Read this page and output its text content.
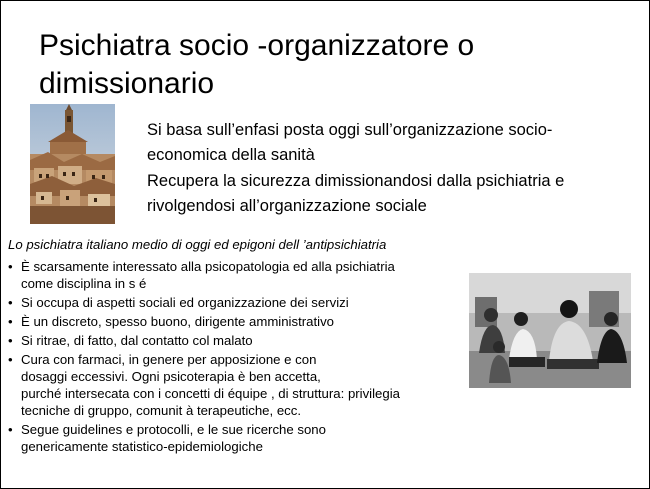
Psichiatra socio -organizzatore o
dimissionario

Si basa sull’enfasi posta oggi sull’organizzazione socio-
economica della sanità

Recupera la sicurezza dimissionandosi dalla psichiatria e
rivolgendosi all’organizzazione sociale

Lo psichiatra italiano medio di oggi ed epigoni dell ’antipsichiatria
• È scarsamente interessato alla psicopatologia ed alla psichiatria
come disciplina in s é
• Si occupa di aspetti sociali ed organizzazione dei servizi
• È un discreto, spesso buono, dirigente amministrativo
• Si ritrae, di fatto, dal contatto col malato
• Cura con farmaci, in genere per apposizione e con
dosaggi eccessivi. Ogni psicoterapia è ben accetta,
purché intersecata con i concetti di équipe , di struttura: privilegia
tecniche di gruppo, comunit à terapeutiche, ecc.
• Segue guidelines e protocolli, e le sue ricerche sono
genericamente statistico-epidemiologiche
